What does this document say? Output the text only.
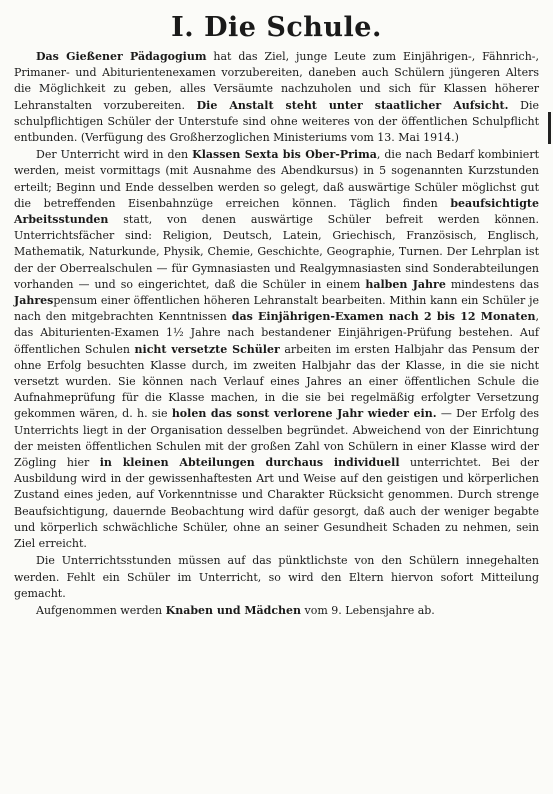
I. Die Schule.

Das Gießener Pädagogium hat das Ziel, junge Leute zum Einjährigen-, Fähnrich-, Primaner- und Abiturientenexamen vorzubereiten, daneben auch Schülern jüngeren Alters die Möglichkeit zu geben, alles Versäumte nachzuholen und sich für Klassen höherer Lehranstalten vorzubereiten. Die Anstalt steht unter staatlicher Aufsicht. Die schulpflichtigen Schüler der Unterstufe sind ohne weiteres von der öffentlichen Schulpflicht entbunden. (Verfügung des Großherzoglichen Ministeriums vom 13. Mai 1914.)

Der Unterricht wird in den Klassen Sexta bis Ober-Prima, die nach Bedarf kombiniert werden, meist vormittags (mit Ausnahme des Abendkursus) in 5 sogenannten Kurzstunden erteilt; Beginn und Ende desselben werden so gelegt, daß auswärtige Schüler möglichst gut die betreffenden Eisenbahnzüge erreichen können. Täglich finden beaufsichtigte Arbeitsstunden statt, von denen auswärtige Schüler befreit werden können. Unterrichtsfächer sind: Religion, Deutsch, Latein, Griechisch, Französisch, Englisch, Mathematik, Naturkunde, Physik, Chemie, Geschichte, Geographie, Turnen. Der Lehrplan ist der der Oberrealschulen — für Gymnasiasten und Realgymnasiasten sind Sonderabteilungen vorhanden — und so eingerichtet, daß die Schüler in einem halben Jahre mindestens das Jahrespensum einer öffentlichen höheren Lehranstalt bearbeiten. Mithin kann ein Schüler je nach den mitgebrachten Kenntnissen das Einjährigen-Examen nach 2 bis 12 Monaten, das Abiturienten-Examen 1½ Jahre nach bestandener Einjährigen-Prüfung bestehen. Auf öffentlichen Schulen nicht versetzte Schüler arbeiten im ersten Halbjahr das Pensum der ohne Erfolg besuchten Klasse durch, im zweiten Halbjahr das der Klasse, in die sie nicht versetzt wurden. Sie können nach Verlauf eines Jahres an einer öffentlichen Schule die Aufnahmeprüfung für die Klasse machen, in die sie bei regelmäßig erfolgter Versetzung gekommen wären, d. h. sie holen das sonst verlorene Jahr wieder ein. — Der Erfolg des Unterrichts liegt in der Organisation desselben begründet. Abweichend von der Einrichtung der meisten öffentlichen Schulen mit der großen Zahl von Schülern in einer Klasse wird der Zögling hier in kleinen Abteilungen durchaus individuell unterrichtet. Bei der Ausbildung wird in der gewissenhaftesten Art und Weise auf den geistigen und körperlichen Zustand eines jeden, auf Vorkenntnisse und Charakter Rücksicht genommen. Durch strenge Beaufsichtigung, dauernde Beobachtung wird dafür gesorgt, daß auch der weniger begabte und körperlich schwächliche Schüler, ohne an seiner Gesundheit Schaden zu nehmen, sein Ziel erreicht.

Die Unterrichtsstunden müssen auf das pünktlichste von den Schülern innegehalten werden. Fehlt ein Schüler im Unterricht, so wird den Eltern hiervon sofort Mitteilung gemacht.

Aufgenommen werden Knaben und Mädchen vom 9. Lebensjahre ab.
